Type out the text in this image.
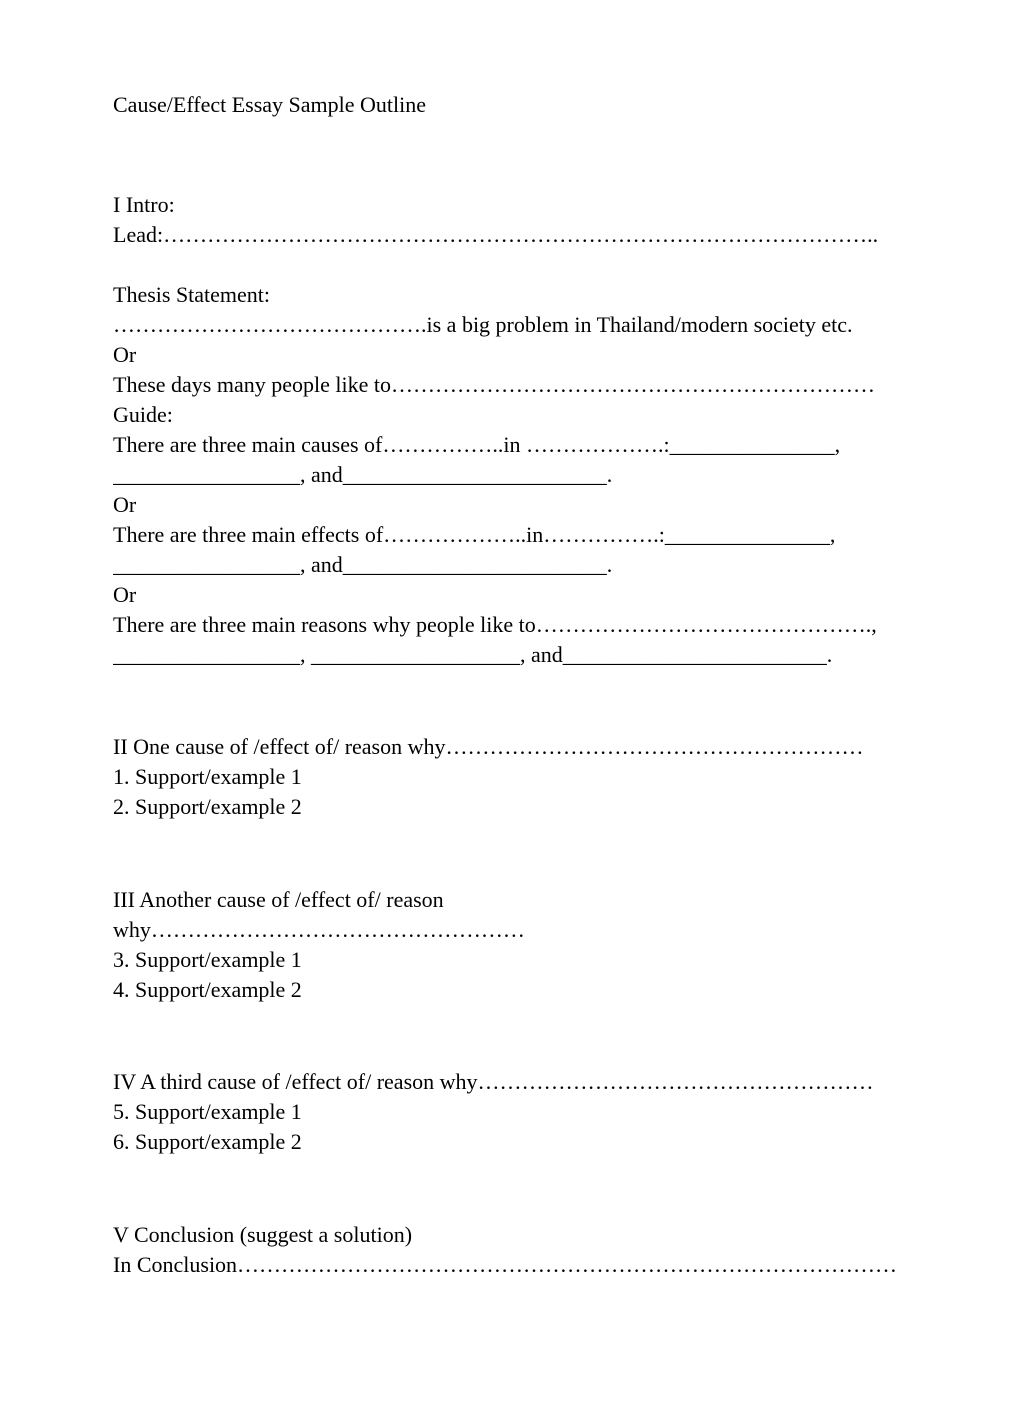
Cause/Effect Essay Sample Outline
I Intro:
Lead:……………………………………………………………………………………..
Thesis Statement:
…………………………………….is a big problem in Thailand/modern society etc.
Or
These days many people like to…………………………………………………………
Guide:
There are three main causes of……………..in ……………….:_______________,
_________________, and________________________.
Or
There are three main effects of………………..in…………….:_______________,
_________________, and________________________.
Or
There are three main reasons why people like to……………………………………….,
_________________, ___________________, and________________________.
II One cause of /effect of/ reason why…………………………………………………
1. Support/example 1
2. Support/example 2
III Another cause of /effect of/ reason
why……………………………………………
3. Support/example 1
4. Support/example 2
IV A third cause of /effect of/ reason why………………………………………………
5. Support/example 1
6. Support/example 2
V Conclusion (suggest a solution)
In Conclusion………………………………………………………………………………
